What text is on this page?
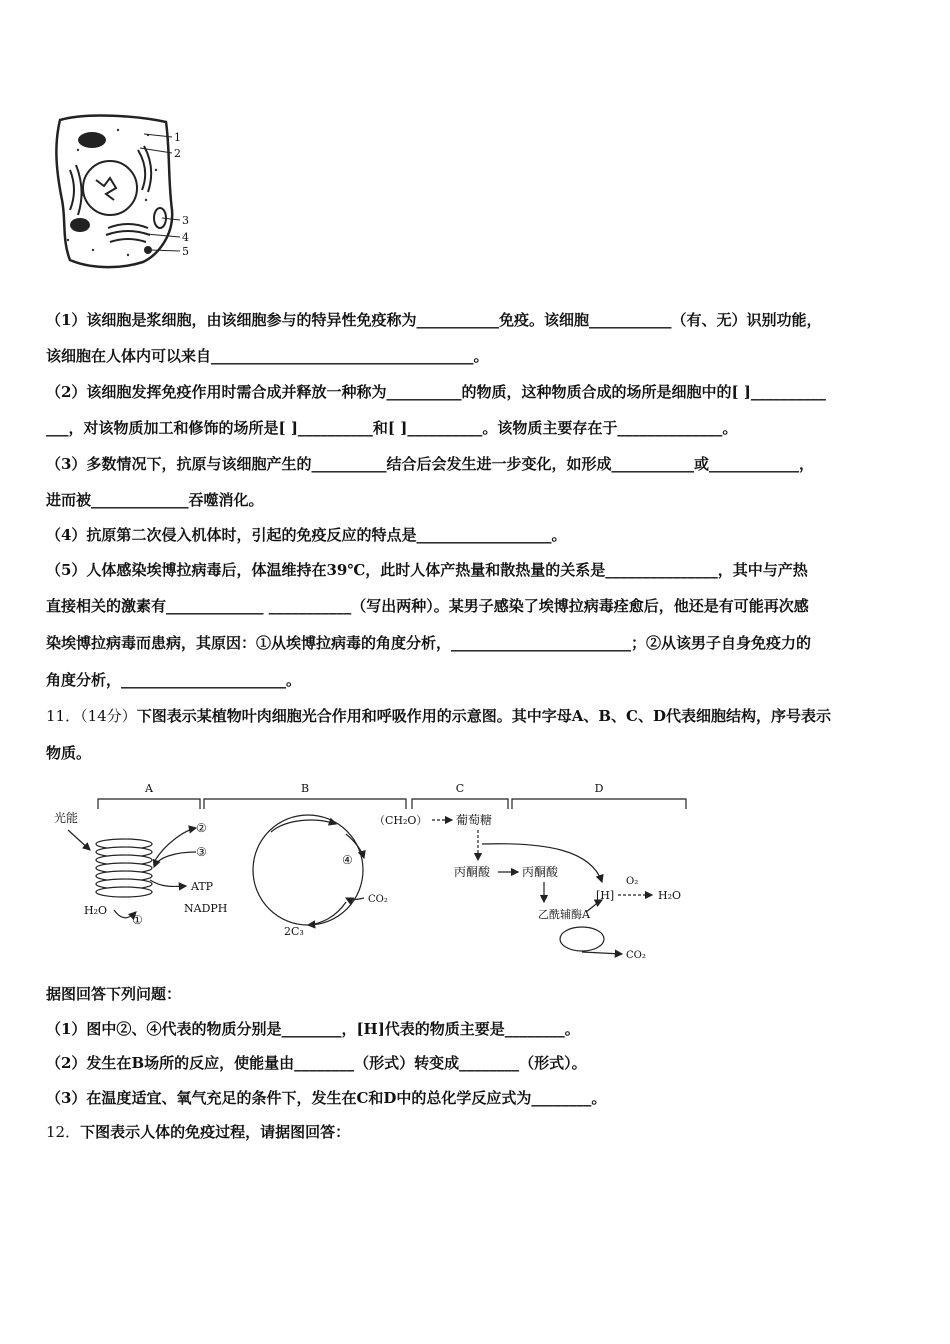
1
2
3
4
5
（1）该细胞是浆细胞，由该细胞参与的特异性免疫称为___________免疫。该细胞___________（有、无）识别功能，
该细胞在人体内可以来自___________________________________。
（2）该细胞发挥免疫作用时需合成并释放一种称为__________的物质，这种物质合成的场所是细胞中的[ ]__________
___，对该物质加工和修饰的场所是[ ]__________和[ ]__________。该物质主要存在于______________。
（3）多数情况下，抗原与该细胞产生的__________结合后会发生进一步变化，如形成___________或____________，
进而被_____________吞噬消化。
（4）抗原第二次侵入机体时，引起的免疫反应的特点是__________________。
（5）人体感染埃博拉病毒后，体温维持在39℃，此时人体产热量和散热量的关系是_______________，其中与产热
直接相关的激素有_____________ ___________（写出两种）。某男子感染了埃博拉病毒痊愈后，他还是有可能再次感
染埃博拉病毒而患病，其原因：①从埃博拉病毒的角度分析，________________________；②从该男子自身免疫力的
角度分析，______________________。
11．（14分）下图表示某植物叶肉细胞光合作用和呼吸作用的示意图。其中字母A、B、C、D代表细胞结构，序号表示
物质。
A	B	C	D
光能
②
③
ATP
NADPH
H₂O
①
④
2C₃
CO₂
（CH₂O） 葡萄糖
丙酮酸	丙酮酸
[H]
O₂
H₂O
乙酰辅酶A
CO₂
据图回答下列问题：
（1）图中②、④代表的物质分别是________，[H]代表的物质主要是________。
（2）发生在B场所的反应，使能量由________（形式）转变成________（形式）。
（3）在温度适宜、氧气充足的条件下，发生在C和D中的总化学反应式为________。
12．下图表示人体的免疫过程，请据图回答：
